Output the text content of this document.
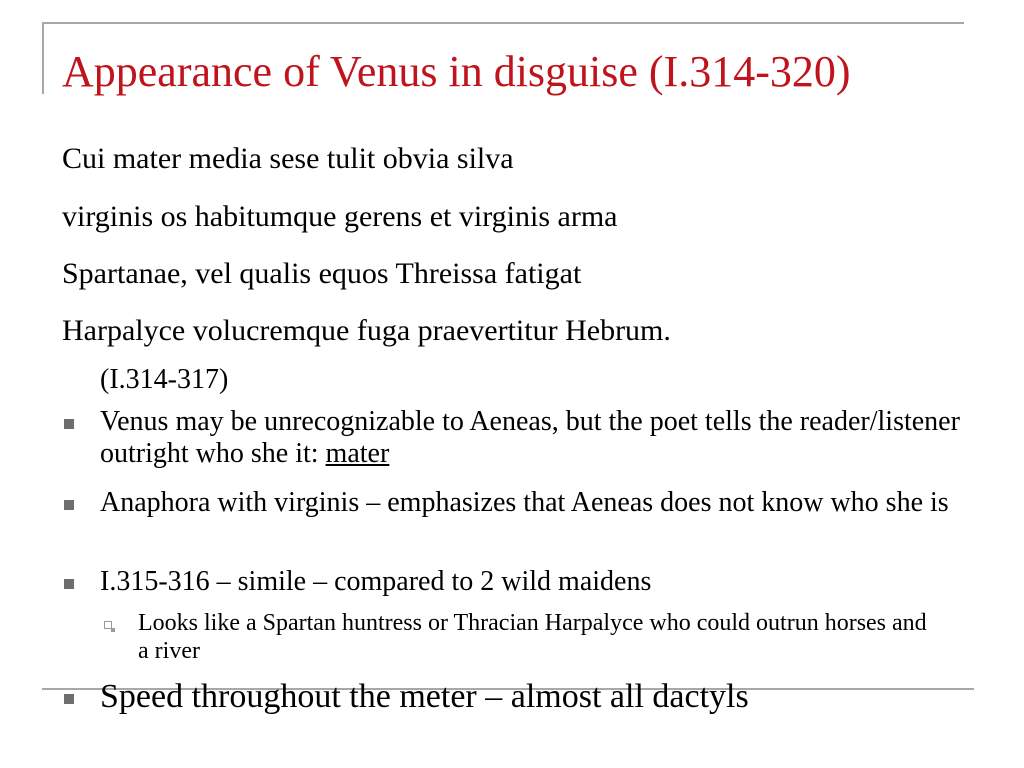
Appearance of Venus in disguise (I.314-320)
Cui mater media sese tulit obvia silva
virginis os habitumque gerens et virginis arma
Spartanae, vel qualis equos Threissa fatigat
Harpalyce volucremque fuga praevertitur Hebrum.
(I.314-317)
Venus may be unrecognizable to Aeneas, but the poet tells the reader/listener outright who she it: mater
Anaphora with virginis – emphasizes that Aeneas does not know who she is
I.315-316 – simile – compared to 2 wild maidens
Looks like a Spartan huntress or Thracian Harpalyce who could outrun horses and a river
Speed throughout the meter – almost all dactyls
